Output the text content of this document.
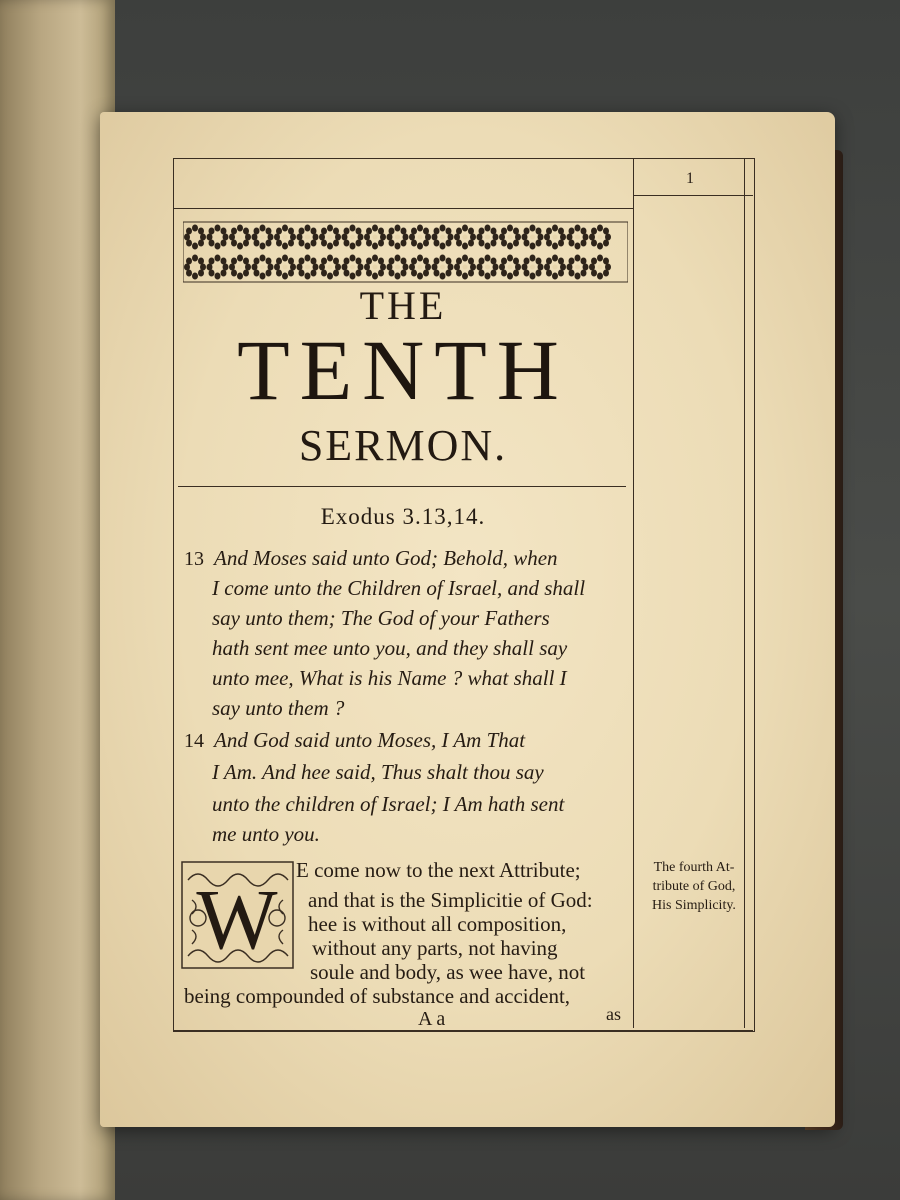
1
THE
TENTH
SERMON.
Exodus 3.13,14.
13 And Moses said unto God; Behold, when
I come unto the Children of Israel, and shall
say unto them; The God of your Fathers
hath sent mee unto you, and they shall say
unto mee, What is his Name ? what shall I
say unto them ?
14 And God said unto Moses, I Am That
I Am. And hee said, Thus shalt thou say
unto the children of Israel; I Am hath sent
me unto you.
W
E come now to the next Attribute;
and that is the Simplicitie of God:
hee is without all composition,
without any parts, not having
soule and body, as wee have, not
being compounded of substance and accident,
A a	as
The fourth At-
tribute of God,
His Simplicity.
